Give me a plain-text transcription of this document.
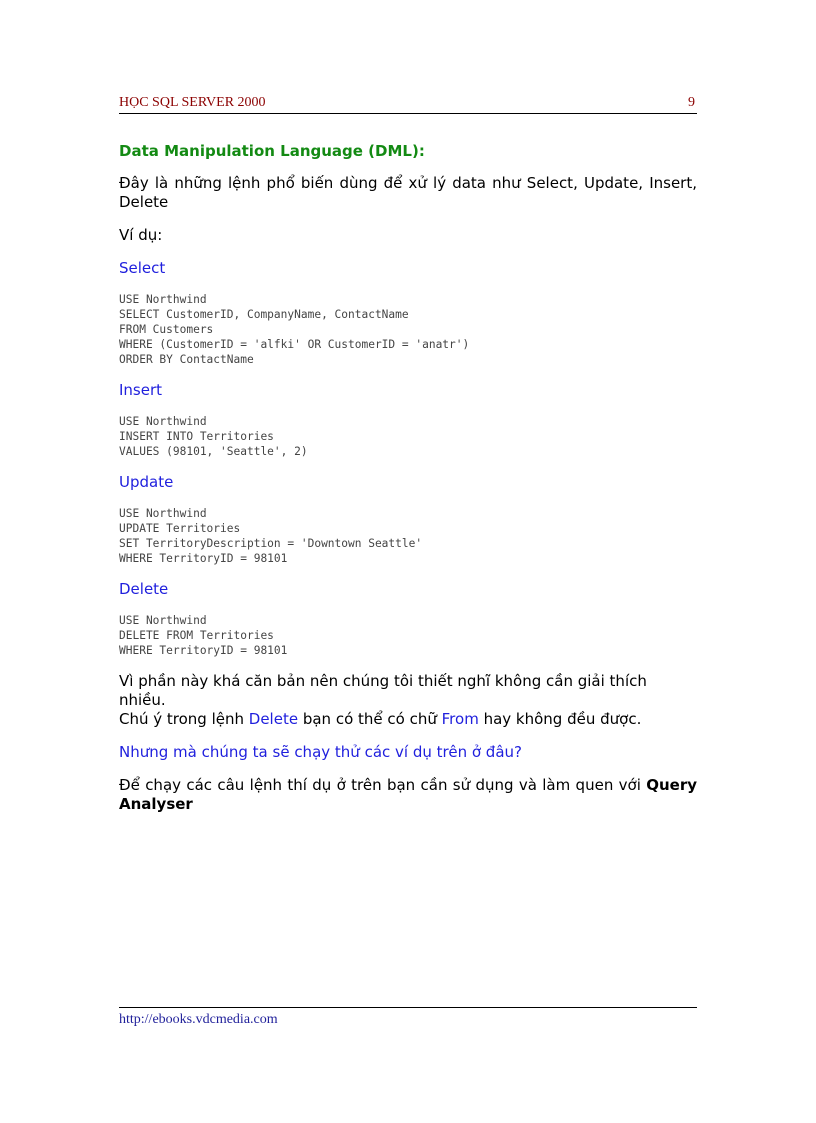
HỌC SQL SERVER 2000	9
Data Manipulation Language (DML):

Đây là những lệnh phổ biến dùng để xử lý data như Select, Update, Insert, Delete

Ví dụ:

Select
USE Northwind
SELECT CustomerID, CompanyName, ContactName
FROM Customers
WHERE (CustomerID = 'alfki' OR CustomerID = 'anatr')
ORDER BY ContactName
Insert
USE Northwind
INSERT INTO Territories
VALUES (98101, 'Seattle', 2)
Update
USE Northwind
UPDATE Territories
SET TerritoryDescription = 'Downtown Seattle'
WHERE TerritoryID = 98101
Delete
USE Northwind
DELETE FROM Territories
WHERE TerritoryID = 98101

Vì phần này khá căn bản nên chúng tôi thiết nghĩ không cần giải thích nhiều.
Chú ý trong lệnh Delete bạn có thể có chữ From hay không đều được.

Nhưng mà chúng ta sẽ chạy thử các ví dụ trên ở đâu?

Để chạy các câu lệnh thí dụ ở trên bạn cần sử dụng và làm quen với Query Analyser

http://ebooks.vdcmedia.com
